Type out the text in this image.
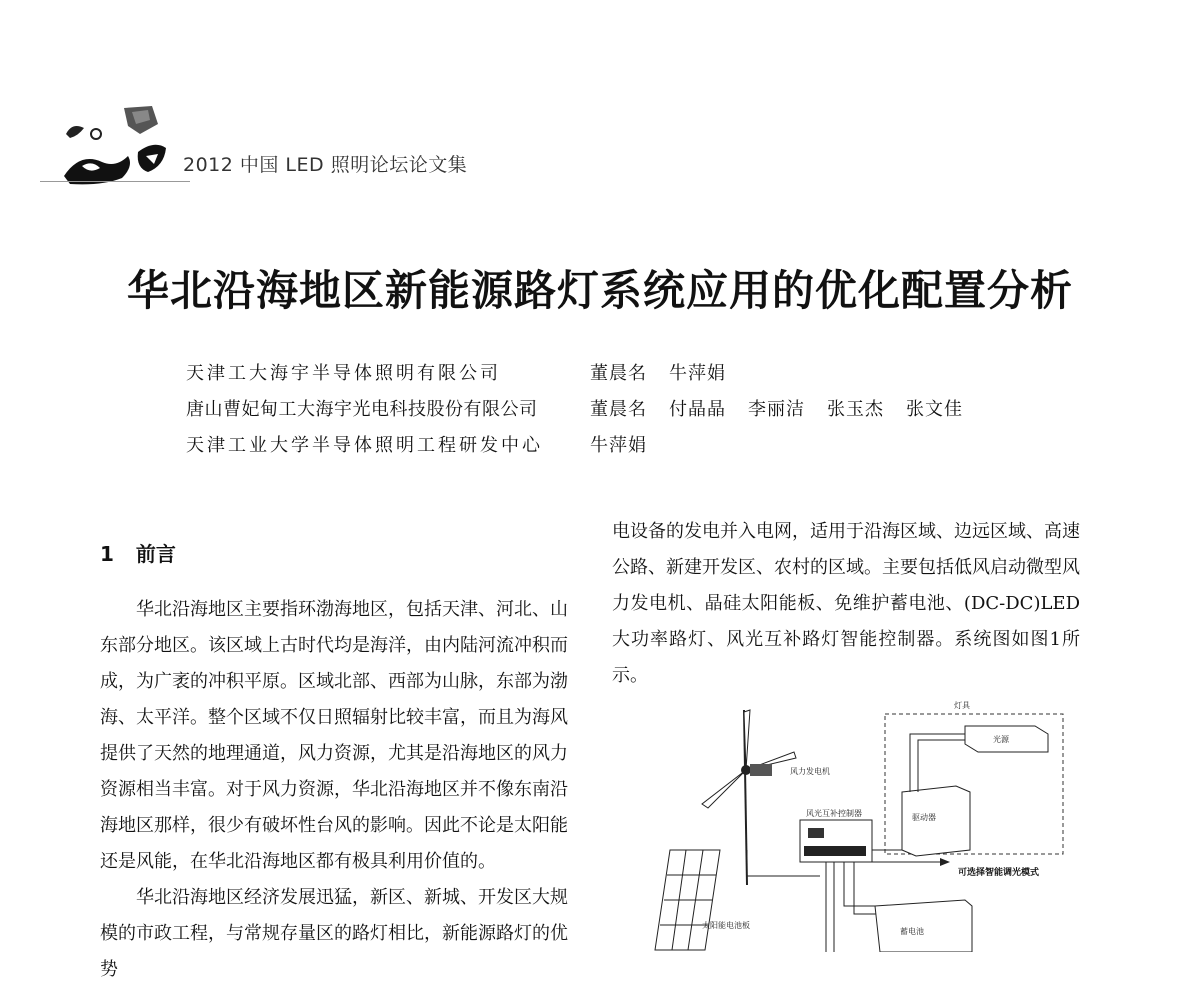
2012 中国 LED 照明论坛论文集
华北沿海地区新能源路灯系统应用的优化配置分析
天津工大海宇半导体照明有限公司	董晨名 牛萍娟
唐山曹妃甸工大海宇光电科技股份有限公司	董晨名 付晶晶 李丽洁 张玉杰 张文佳
天津工业大学半导体照明工程研发中心	牛萍娟
1 前言

华北沿海地区主要指环渤海地区，包括天津、河北、山东部分地区。该区域上古时代均是海洋，由内陆河流冲积而成，为广袤的冲积平原。区域北部、西部为山脉，东部为渤海、太平洋。整个区域不仅日照辐射比较丰富，而且为海风提供了天然的地理通道，风力资源，尤其是沿海地区的风力资源相当丰富。对于风力资源，华北沿海地区并不像东南沿海地区那样，很少有破坏性台风的影响。因此不论是太阳能还是风能，在华北沿海地区都有极具利用价值的。

华北沿海地区经济发展迅猛，新区、新城、开发区大规模的市政工程，与常规存量区的路灯相比，新能源路灯的优势

电设备的发电并入电网，适用于沿海区域、边远区域、高速公路、新建开发区、农村的区域。主要包括低风启动微型风力发电机、晶硅太阳能板、免维护蓄电池、(DC-DC)LED大功率路灯、风光互补路灯智能控制器。系统图如图1所示。

灯具
光源
驱动器
风力发电机
风光互补控制器
可选择智能调光模式
太阳能电池板
蓄电池
